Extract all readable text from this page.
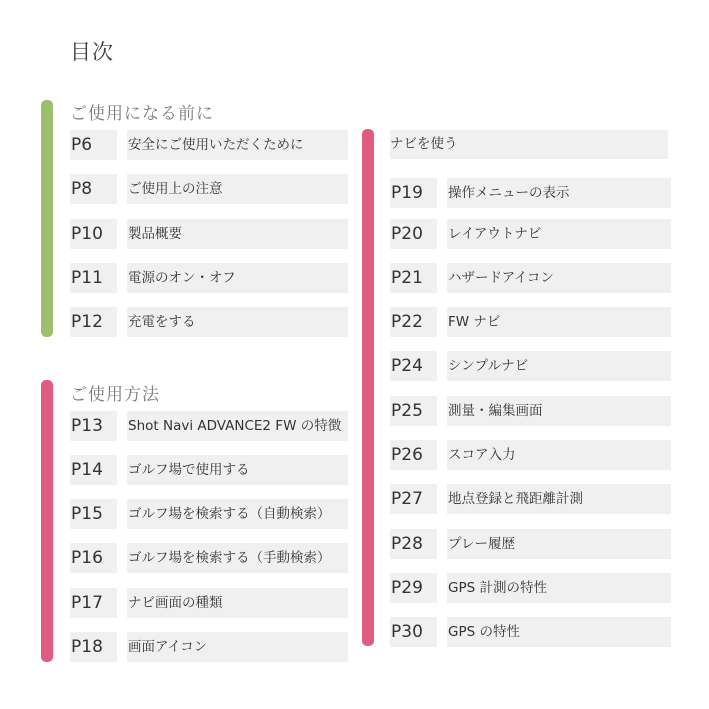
目次
ご使用になる前に
P6	安全にご使用いただくために
P8	ご使用上の注意
P10	製品概要
P11	電源のオン・オフ
P12	充電をする
ご使用方法
P13	Shot Navi ADVANCE2 FW の特徴
P14	ゴルフ場で使用する
P15	ゴルフ場を検索する（自動検索）
P16	ゴルフ場を検索する（手動検索）
P17	ナビ画面の種類
P18	画面アイコン
ナビを使う
P19	操作メニューの表示
P20	レイアウトナビ
P21	ハザードアイコン
P22	FW ナビ
P24	シンプルナビ
P25	測量・編集画面
P26	スコア入力
P27	地点登録と飛距離計測
P28	プレー履歴
P29	GPS 計測の特性
P30	GPS の特性
